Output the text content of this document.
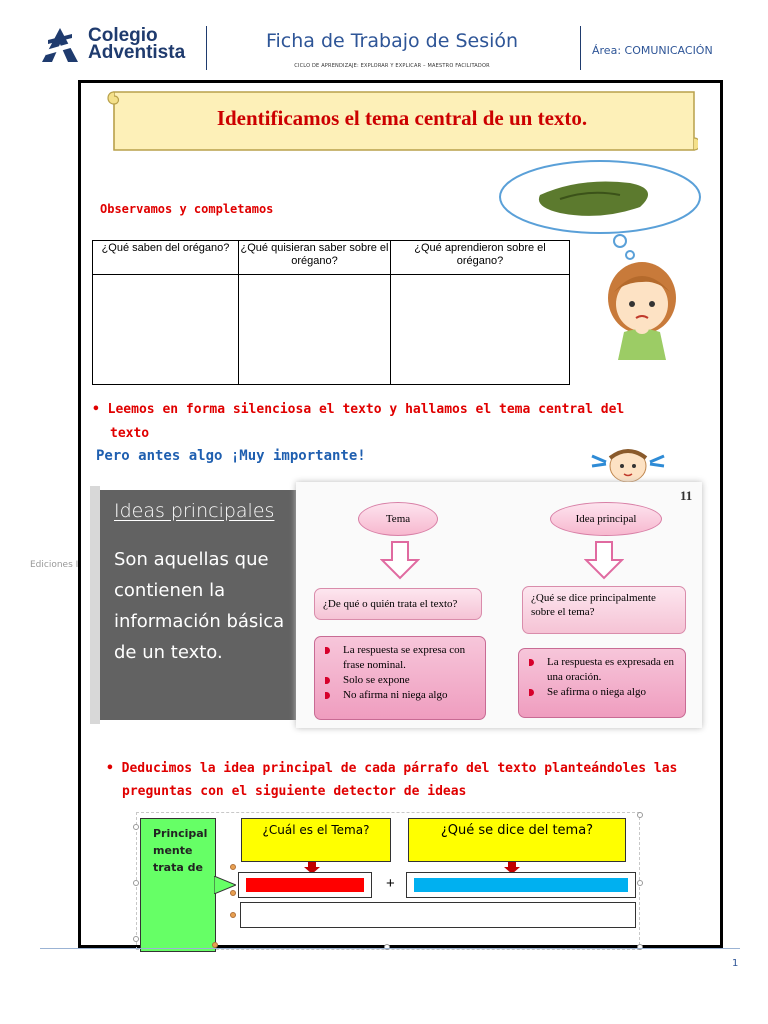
Colegio
Adventista
Ficha de Trabajo de Sesión
CICLO DE APRENDIZAJE: EXPLORAR Y EXPLICAR – MAESTRO FACILITADOR
Área: COMUNICACIÓN
Identificamos el tema central de un texto.
Observamos y completamos
¿Qué saben del orégano?	¿Qué quisieran saber sobre el orégano?	¿Qué aprendieron sobre el orégano?

• Leemos en forma silenciosa el texto y hallamos el tema central del
texto
Pero antes algo ¡Muy importante!
Ediciones I
Ideas principales
Son aquellas que contienen la información básica de un texto.
11
Tema	Idea principal
¿De qué o quién trata el texto?	¿Qué se dice principalmente sobre el tema?
La respuesta se expresa con frase nominal.
Solo se expone
No afirma ni niega algo
La respuesta es expresada en una oración.
Se afirma o niega algo
• Deducimos la idea principal de cada párrafo del texto planteándoles las
preguntas con el siguiente detector de ideas
Principal mente trata de
¿Cuál es el Tema?	¿Qué se dice del tema?
+
1
